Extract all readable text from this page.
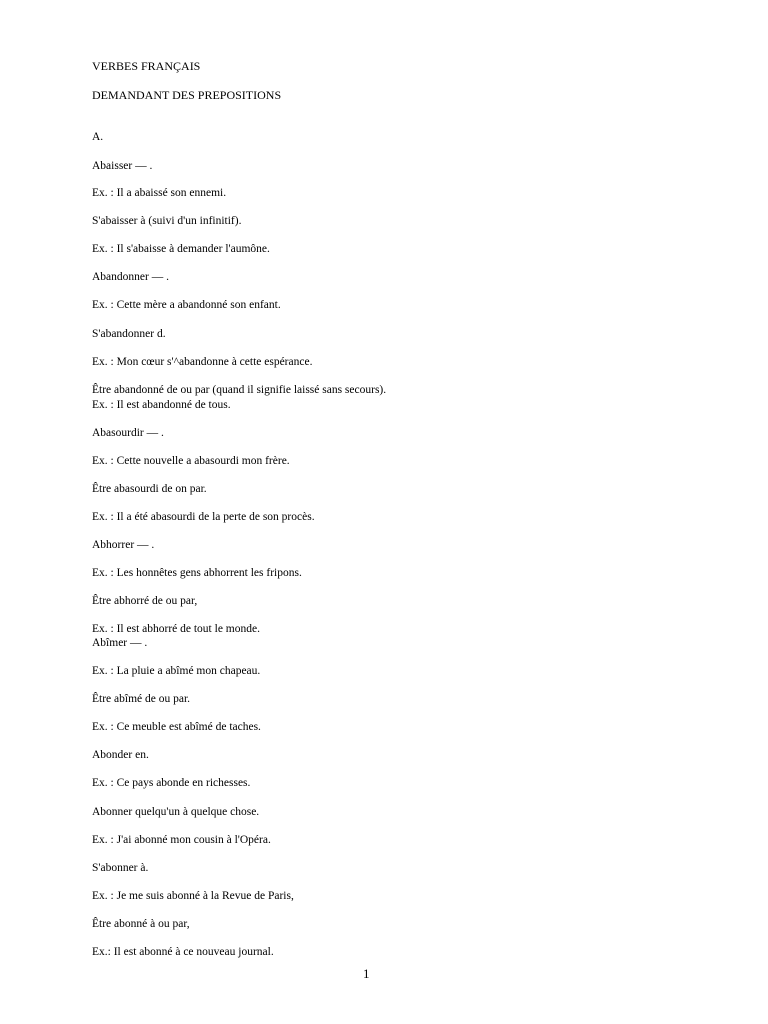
VERBES FRANÇAIS
DEMANDANT DES PREPOSITIONS
A.
Abaisser — .
Ex. : Il a abaissé son ennemi.
S'abaisser à (suivi d'un infinitif).
Ex. : Il s'abaisse à demander l'aumône.
Abandonner — .
Ex. : Cette mère a abandonné son enfant.
S'abandonner d.
Ex. : Mon cœur s'^abandonne à cette espérance.
Être abandonné de ou par (quand il signifie laissé sans secours).
Ex. : Il est abandonné de tous.
Abasourdir — .
Ex. : Cette nouvelle a abasourdi mon frère.
Être abasourdi de on par.
Ex. : Il a été abasourdi de la perte de son procès.
Abhorrer — .
Ex. : Les honnêtes gens abhorrent les fripons.
Être abhorré de ou par,
Ex. : Il est abhorré de tout le monde.
Abîmer — .
Ex. : La pluie a abîmé mon chapeau.
Être abîmé de ou par.
Ex. : Ce meuble est abîmé de taches.
Abonder en.
Ex. : Ce pays abonde en richesses.
Abonner quelqu'un à quelque chose.
Ex. : J'ai abonné mon cousin à l'Opéra.
S'abonner à.
Ex. : Je me suis abonné à la Revue de Paris,
Être abonné à ou par,
Ex.: Il est abonné à ce nouveau journal.
1
